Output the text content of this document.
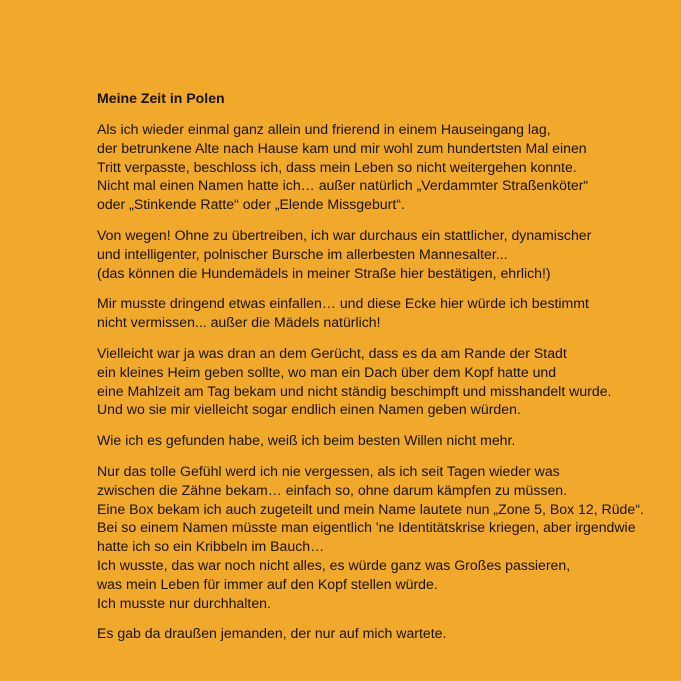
Meine Zeit in Polen
Als ich wieder einmal ganz allein und frierend in einem Hauseingang lag,
der betrunkene Alte nach Hause kam und mir wohl zum hundertsten Mal einen
Tritt verpasste, beschloss ich, dass mein Leben so nicht weitergehen konnte.
Nicht mal einen Namen hatte ich… außer natürlich „Verdammter Straßenköter“
oder „Stinkende Ratte“ oder „Elende Missgeburt“.
Von wegen! Ohne zu übertreiben, ich war durchaus ein stattlicher, dynamischer
und intelligenter, polnischer Bursche im allerbesten Mannesalter...
(das können die Hundemädels in meiner Straße hier bestätigen, ehrlich!)
Mir musste dringend etwas einfallen… und diese Ecke hier würde ich bestimmt
nicht vermissen... außer die Mädels natürlich!
Vielleicht war ja was dran an dem Gerücht, dass es da am Rande der Stadt
ein kleines Heim geben sollte, wo man ein Dach über dem Kopf hatte und
eine Mahlzeit am Tag bekam und nicht ständig beschimpft und misshandelt wurde.
Und wo sie mir vielleicht sogar endlich einen Namen geben würden.
Wie ich es gefunden habe, weiß ich beim besten Willen nicht mehr.
Nur das tolle Gefühl werd ich nie vergessen, als ich seit Tagen wieder was
zwischen die Zähne bekam… einfach so, ohne darum kämpfen zu müssen.
Eine Box bekam ich auch zugeteilt und mein Name lautete nun „Zone 5, Box 12, Rüde“.
Bei so einem Namen müsste man eigentlich 'ne Identitätskrise kriegen, aber irgendwie
hatte ich so ein Kribbeln im Bauch…
Ich wusste, das war noch nicht alles, es würde ganz was Großes passieren,
was mein Leben für immer auf den Kopf stellen würde.
Ich musste nur durchhalten.
Es gab da draußen jemanden, der nur auf mich wartete.
